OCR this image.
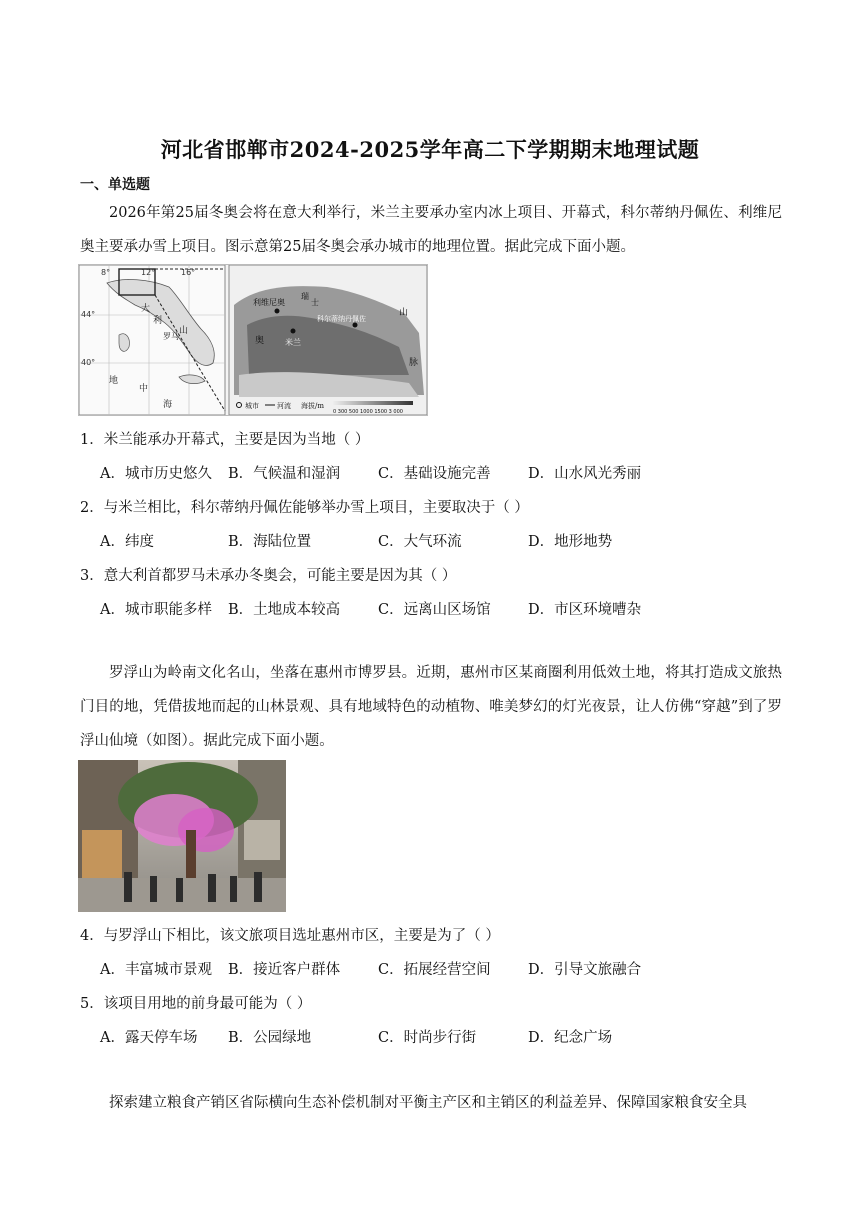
河北省邯郸市2024-2025学年高二下学期期末地理试题
一、单选题
2026年第25届冬奥会将在意大利举行，米兰主要承办室内冰上项目、开幕式，科尔蒂纳丹佩佐、利维尼奥主要承办雪上项目。图示意第25届冬奥会承办城市的地理位置。据此完成下面小题。
8°	12°	16°
44°
40°
大
利
罗马
山
中
海
地
利维尼奥
米兰
科尔蒂纳丹佩佐
瑞
士
奥
山
脉
城市	河流 海拔/m
0 300 500 1000 1500 3 000
1．米兰能承办开幕式，主要是因为当地（ ）
A．城市历史悠久 B．气候温和湿润	C．基础设施完善	D．山水风光秀丽
2．与米兰相比，科尔蒂纳丹佩佐能够举办雪上项目，主要取决于（ ）
A．纬度	B．海陆位置	C．大气环流	D．地形地势
3．意大利首都罗马未承办冬奥会，可能主要是因为其（ ）
A．城市职能多样 B．土地成本较高	C．远离山区场馆	D．市区环境嘈杂
罗浮山为岭南文化名山，坐落在惠州市博罗县。近期，惠州市区某商圈利用低效土地，将其打造成文旅热门目的地，凭借拔地而起的山林景观、具有地域特色的动植物、唯美梦幻的灯光夜景，让人仿佛“穿越”到了罗浮山仙境（如图）。据此完成下面小题。
4．与罗浮山下相比，该文旅项目选址惠州市区，主要是为了（ ）
A．丰富城市景观 B．接近客户群体	C．拓展经营空间	D．引导文旅融合
5．该项目用地的前身最可能为（ ）
A．露天停车场 B．公园绿地	C．时尚步行街	D．纪念广场
探索建立粮食产销区省际横向生态补偿机制对平衡主产区和主销区的利益差异、保障国家粮食安全具
